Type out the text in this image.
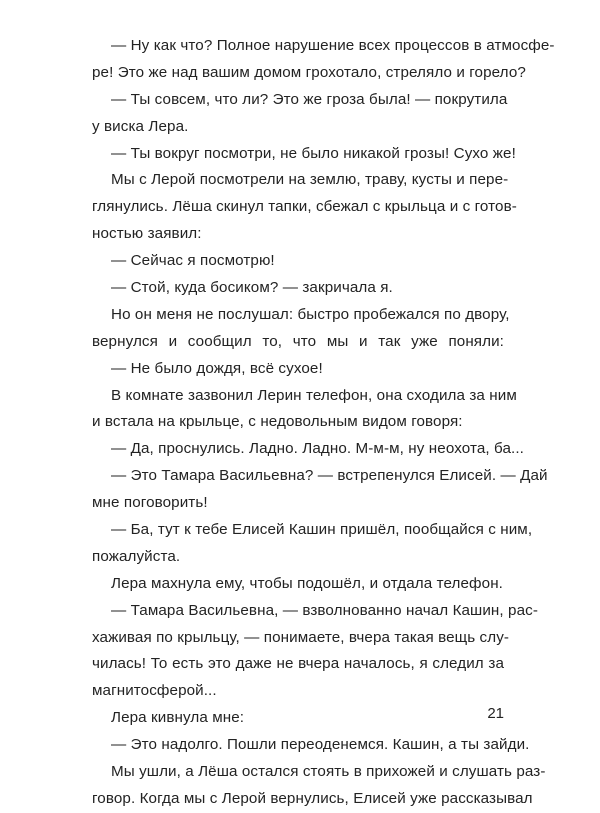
— Ну как что? Полное нарушение всех процессов в атмосфе-

ре! Это же над вашим домом грохотало, стреляло и горело?

— Ты совсем, что ли? Это же гроза была! — покрутила

у виска Лера.

— Ты вокруг посмотри, не было никакой грозы! Сухо же!

Мы с Лерой посмотрели на землю, траву, кусты и пере-

глянулись. Лёша скинул тапки, сбежал с крыльца и с готов-

ностью заявил:

— Сейчас я посмотрю!

— Стой, куда босиком? — закричала я.

Но он меня не послушал: быстро пробежался по двору,

вернулся и сообщил то, что мы и так уже поняли:

— Не было дождя, всё сухое!

В комнате зазвонил Лерин телефон, она сходила за ним

и встала на крыльце, с недовольным видом говоря:

— Да, проснулись. Ладно. Ладно. М-м-м, ну неохота, ба...

— Это Тамара Васильевна? — встрепенулся Елисей. — Дай

мне поговорить!

— Ба, тут к тебе Елисей Кашин пришёл, пообщайся с ним,

пожалуйста.

Лера махнула ему, чтобы подошёл, и отдала телефон.

— Тамара Васильевна, — взволнованно начал Кашин, рас-

хаживая по крыльцу, — понимаете, вчера такая вещь слу-

чилась! То есть это даже не вчера началось, я следил за

магнитосферой...

Лера кивнула мне:

— Это надолго. Пошли переоденемся. Кашин, а ты зайди.

Мы ушли, а Лёша остался стоять в прихожей и слушать раз-

говор. Когда мы с Лерой вернулись, Елисей уже рассказывал

21
